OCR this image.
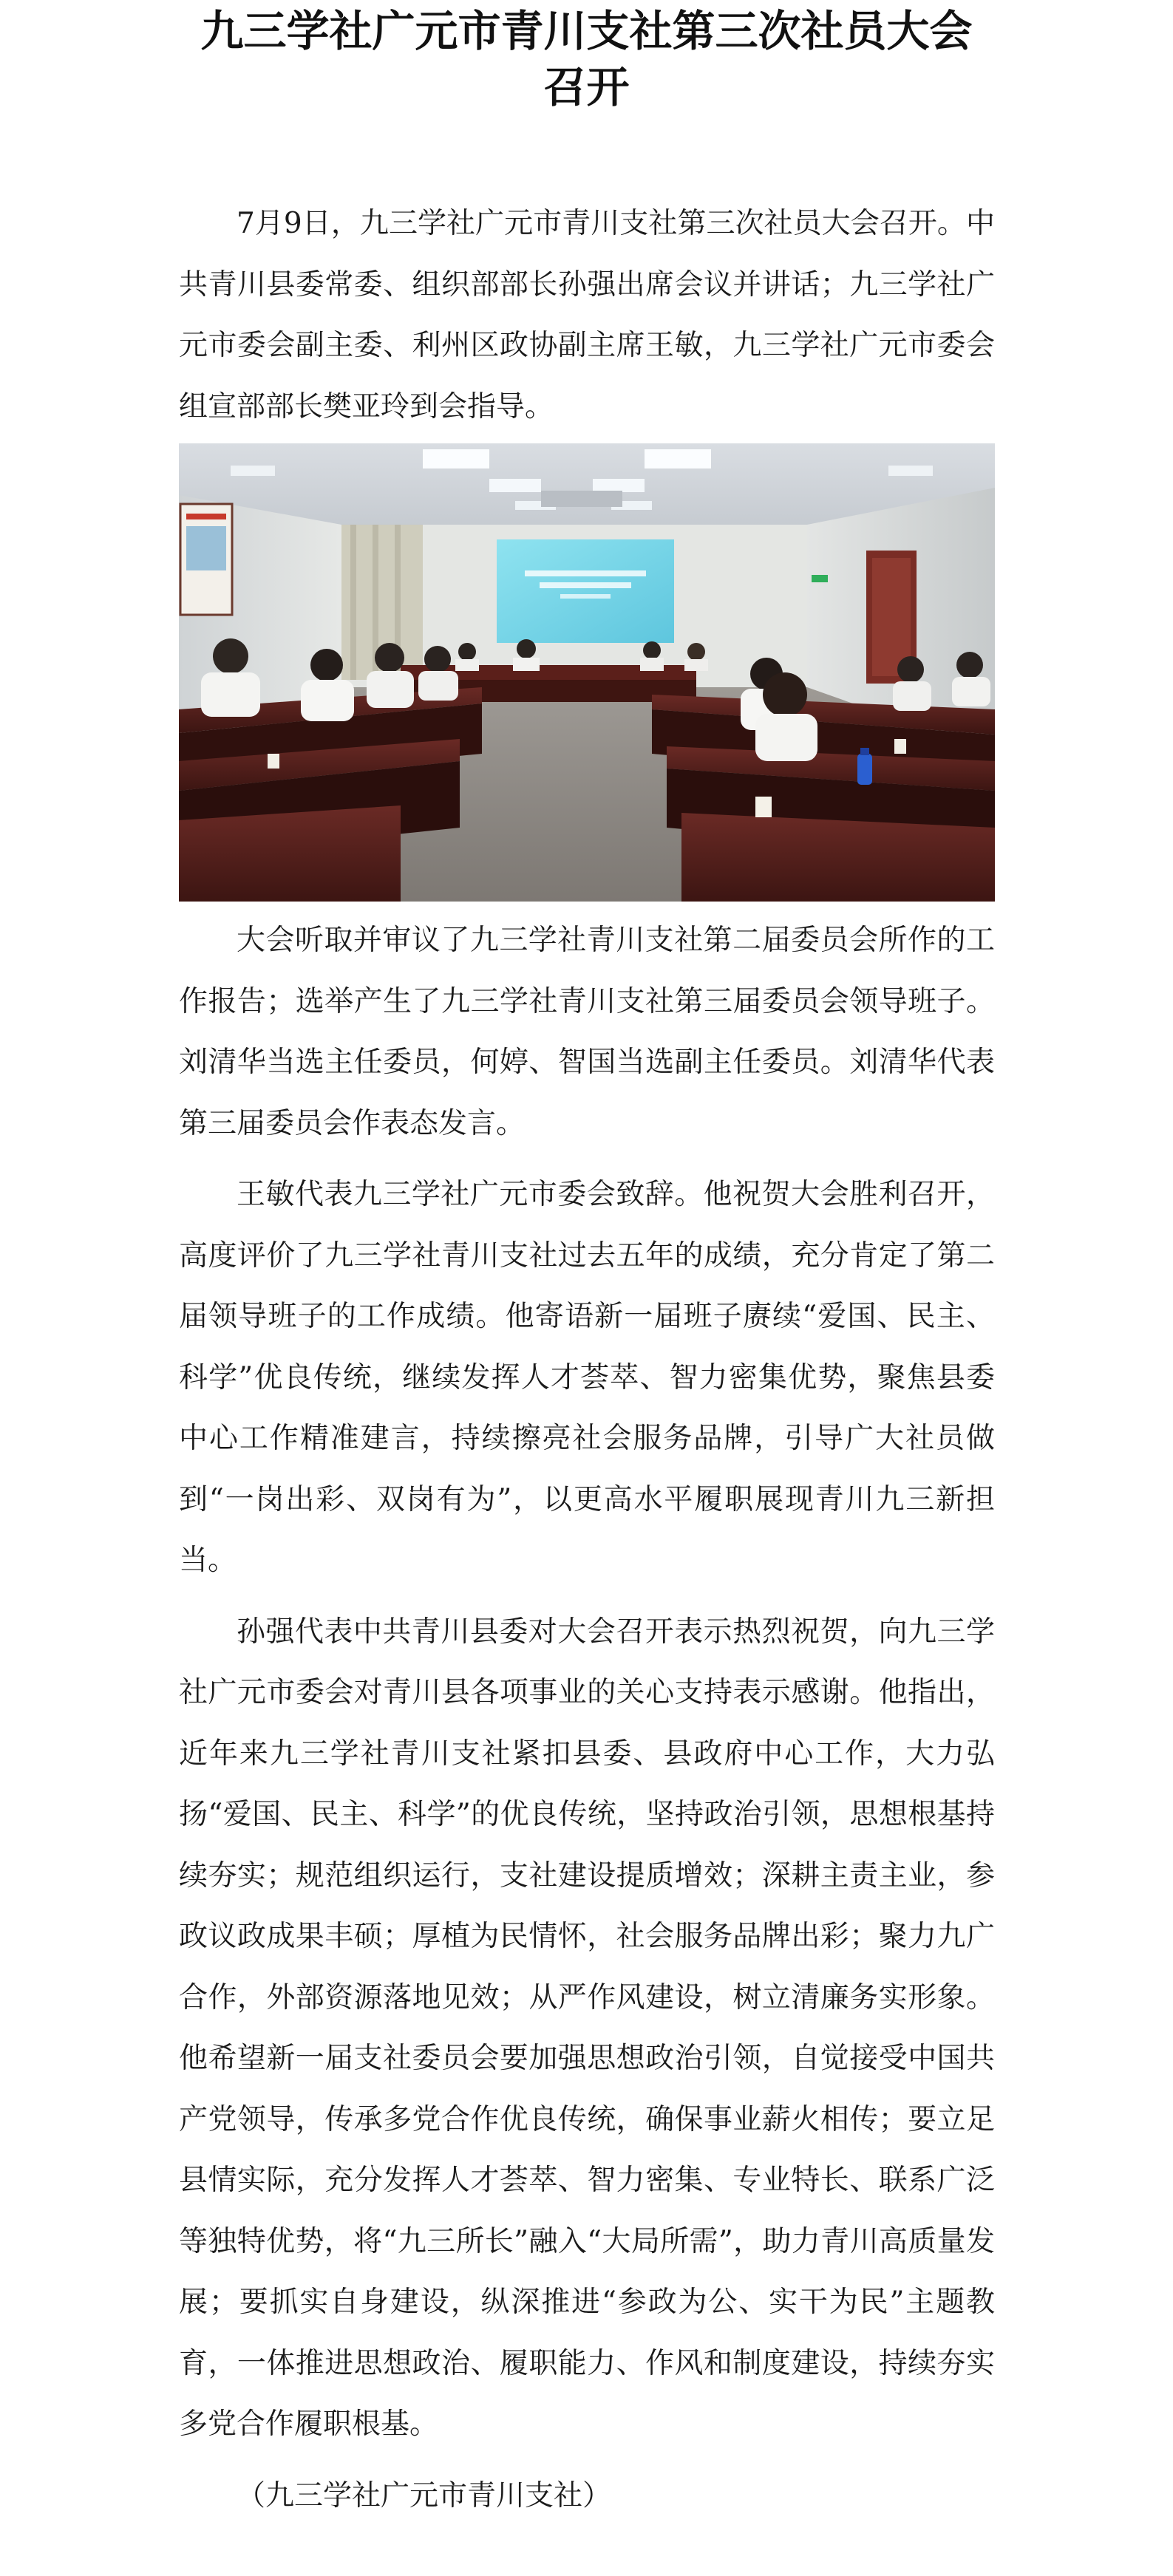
九三学社广元市青川支社第三次社员大会
召开

7月9日，九三学社广元市青川支社第三次社员大会召开。中共青川县委常委、组织部部长孙强出席会议并讲话；九三学社广元市委会副主委、利州区政协副主席王敏，九三学社广元市委会组宣部部长樊亚玲到会指导。

大会听取并审议了九三学社青川支社第二届委员会所作的工作报告；选举产生了九三学社青川支社第三届委员会领导班子。刘清华当选主任委员，何婷、智国当选副主任委员。刘清华代表第三届委员会作表态发言。

王敏代表九三学社广元市委会致辞。他祝贺大会胜利召开，高度评价了九三学社青川支社过去五年的成绩，充分肯定了第二届领导班子的工作成绩。他寄语新一届班子赓续“爱国、民主、科学”优良传统，继续发挥人才荟萃、智力密集优势，聚焦县委中心工作精准建言，持续擦亮社会服务品牌，引导广大社员做到“一岗出彩、双岗有为”，以更高水平履职展现青川九三新担当。

孙强代表中共青川县委对大会召开表示热烈祝贺，向九三学社广元市委会对青川县各项事业的关心支持表示感谢。他指出，近年来九三学社青川支社紧扣县委、县政府中心工作，大力弘扬“爱国、民主、科学”的优良传统，坚持政治引领，思想根基持续夯实；规范组织运行，支社建设提质增效；深耕主责主业，参政议政成果丰硕；厚植为民情怀，社会服务品牌出彩；聚力九广合作，外部资源落地见效；从严作风建设，树立清廉务实形象。他希望新一届支社委员会要加强思想政治引领，自觉接受中国共产党领导，传承多党合作优良传统，确保事业薪火相传；要立足县情实际，充分发挥人才荟萃、智力密集、专业特长、联系广泛等独特优势，将“九三所长”融入“大局所需”，助力青川高质量发展；要抓实自身建设，纵深推进“参政为公、实干为民”主题教育，一体推进思想政治、履职能力、作风和制度建设，持续夯实多党合作履职根基。

（九三学社广元市青川支社）
